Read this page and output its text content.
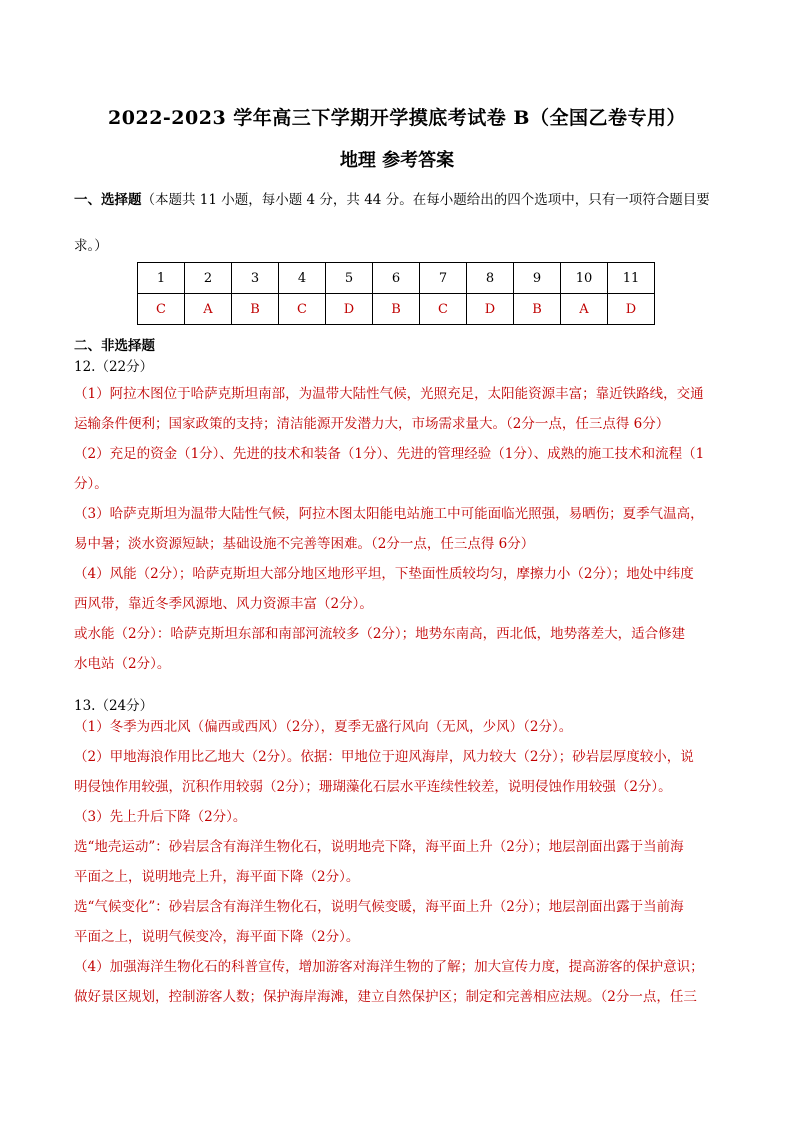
2022-2023 学年高三下学期开学摸底考试卷 B（全国乙卷专用）
地理 参考答案
一、选择题（本题共 11 小题，每小题 4 分，共 44 分。在每小题给出的四个选项中，只有一项符合题目要
求。）
1	2	3	4	5	6	7	8	9	10	11
C	A	B	C	D	B	C	D	B	A	D
二、非选择题
12.（22分）
（1）阿拉木图位于哈萨克斯坦南部，为温带大陆性气候，光照充足，太阳能资源丰富；靠近铁路线，交通
运输条件便利；国家政策的支持；清洁能源开发潜力大，市场需求量大。（2分一点，任三点得 6分）
（2）充足的资金（1分）、先进的技术和装备（1分）、先进的管理经验（1分）、成熟的施工技术和流程（1
分）。
（3）哈萨克斯坦为温带大陆性气候，阿拉木图太阳能电站施工中可能面临光照强，易晒伤；夏季气温高，
易中暑；淡水资源短缺；基础设施不完善等困难。（2分一点，任三点得 6分）
（4）风能（2分）；哈萨克斯坦大部分地区地形平坦，下垫面性质较均匀，摩擦力小（2分）；地处中纬度
西风带，靠近冬季风源地、风力资源丰富（2分）。
或水能（2分）：哈萨克斯坦东部和南部河流较多（2分）；地势东南高，西北低，地势落差大，适合修建
水电站（2分）。
13.（24分）
（1）冬季为西北风（偏西或西风）（2分），夏季无盛行风向（无风，少风）（2分）。
（2）甲地海浪作用比乙地大（2分）。依据：甲地位于迎风海岸，风力较大（2分）；砂岩层厚度较小，说
明侵蚀作用较强，沉积作用较弱（2分）；珊瑚藻化石层水平连续性较差，说明侵蚀作用较强（2分）。
（3）先上升后下降（2分）。
选“地壳运动”：砂岩层含有海洋生物化石，说明地壳下降，海平面上升（2分）；地层剖面出露于当前海
平面之上，说明地壳上升，海平面下降（2分）。
选“气候变化”：砂岩层含有海洋生物化石，说明气候变暖，海平面上升（2分）；地层剖面出露于当前海
平面之上，说明气候变冷，海平面下降（2分）。
（4）加强海洋生物化石的科普宣传，增加游客对海洋生物的了解；加大宣传力度，提高游客的保护意识；
做好景区规划，控制游客人数；保护海岸海滩，建立自然保护区；制定和完善相应法规。（2分一点，任三
